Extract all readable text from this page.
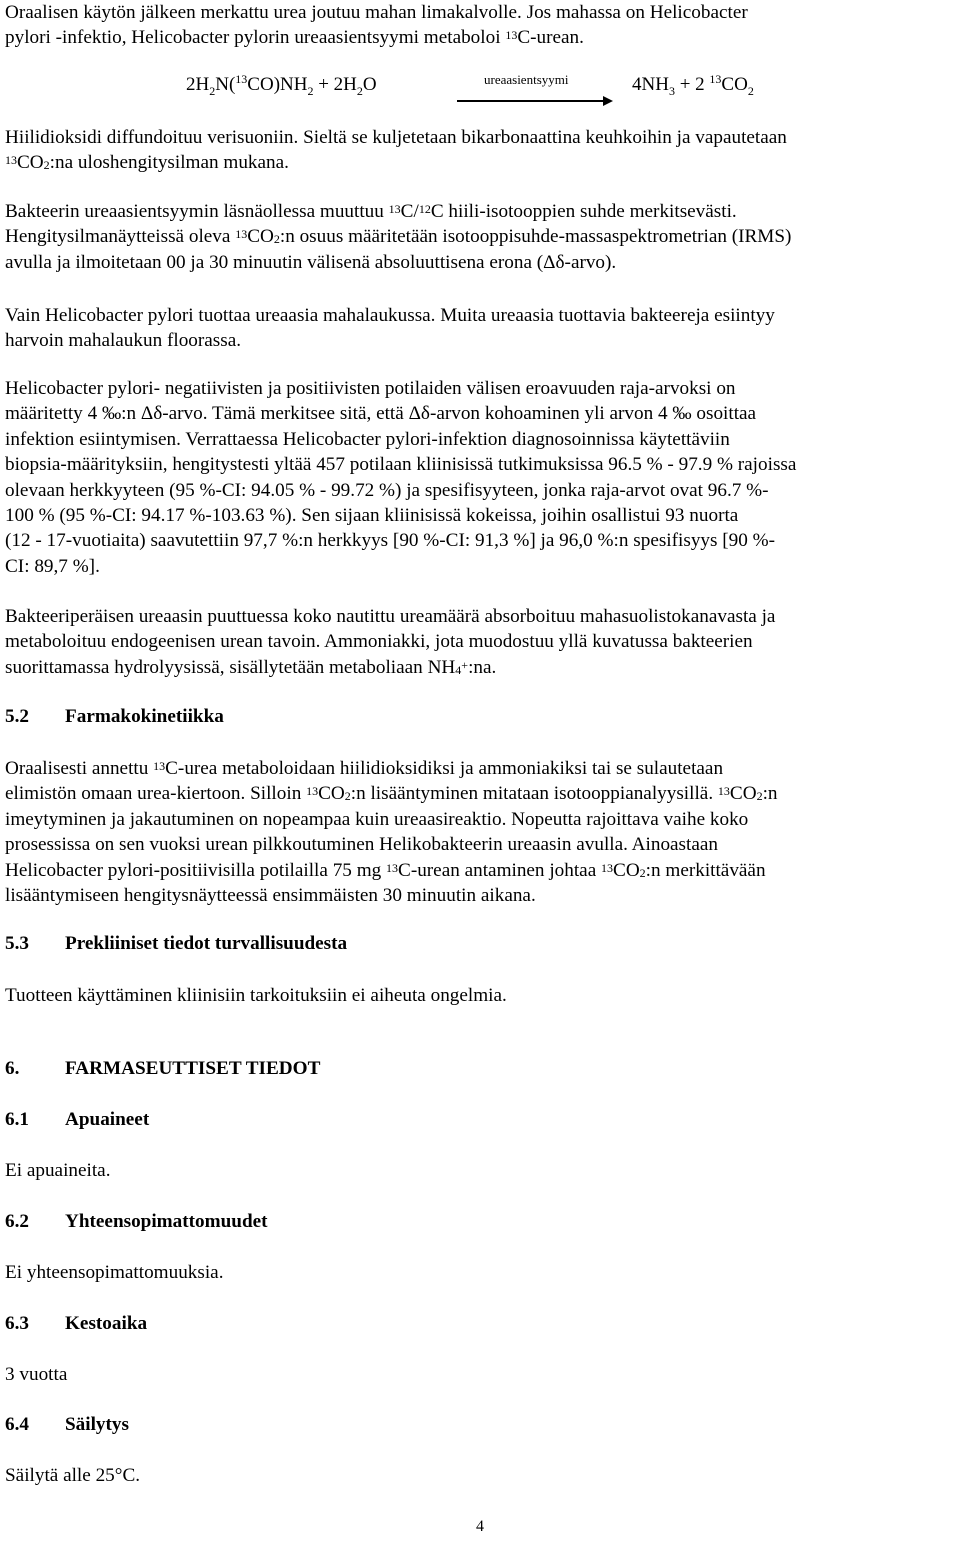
Oraalisen käytön jälkeen merkattu urea joutuu mahan limakalvolle. Jos mahassa on Helicobacter
pylori -infektio, Helicobacter pylorin ureaasientsyymi metaboloi $^{13}$C-urean.
2H2N($^{13}$CO)NH2 + 2H2O	ureaasientsyymi	4NH3 + 2 $^{13}$CO2
Hiilidioksidi diffundoituu verisuoniin. Sieltä se kuljetetaan bikarbonaattina keuhkoihin ja vapautetaan
$^{13}$CO2:na uloshengitysilman mukana.
Bakteerin ureaasientsyymin läsnäollessa muuttuu $^{13}$C/$^{12}$C hiili-isotooppien suhde merkitsevästi.
Hengitysilmanäytteissä oleva $^{13}$CO2:n osuus määritetään isotooppisuhde-massaspektrometrian (IRMS)
avulla ja ilmoitetaan 00 ja 30 minuutin välisenä absoluuttisena erona (Δδ-arvo).
Vain Helicobacter pylori tuottaa ureaasia mahalaukussa. Muita ureaasia tuottavia bakteereja esiintyy
harvoin mahalaukun floorassa.
Helicobacter pylori- negatiivisten ja positiivisten potilaiden välisen eroavuuden raja-arvoksi on
määritetty 4 ‰:n Δδ-arvo. Tämä merkitsee sitä, että Δδ-arvon kohoaminen yli arvon 4 ‰ osoittaa
infektion esiintymisen. Verrattaessa Helicobacter pylori-infektion diagnosoinnissa käytettäviin
biopsia-määrityksiin, hengitystesti yltää 457 potilaan kliinisissä tutkimuksissa 96.5 % - 97.9 % rajoissa
olevaan herkkyyteen (95 %-CI: 94.05 % - 99.72 %) ja spesifisyyteen, jonka raja-arvot ovat 96.7 %-
100 % (95 %-CI: 94.17 %-103.63 %). Sen sijaan kliinisissä kokeissa, joihin osallistui 93 nuorta
(12 - 17-vuotiaita) saavutettiin 97,7 %:n herkkyys [90 %-CI: 91,3 %] ja 96,0 %:n spesifisyys [90 %-
CI: 89,7 %].
Bakteeriperäisen ureaasin puuttuessa koko nautittu ureamäärä absorboituu mahasuolistokanavasta ja
metaboloituu endogeenisen urean tavoin. Ammoniakki, jota muodostuu yllä kuvatussa bakteerien
suorittamassa hydrolyysissä, sisällytetään metaboliaan NH4+:na.
5.2 Farmakokinetiikka
Oraalisesti annettu $^{13}$C-urea metaboloidaan hiilidioksidiksi ja ammoniakiksi tai se sulautetaan
elimistön omaan urea-kiertoon. Silloin $^{13}$CO2:n lisääntyminen mitataan isotooppianalyysillä. $^{13}$CO2:n
imeytyminen ja jakautuminen on nopeampaa kuin ureaasireaktio. Nopeutta rajoittava vaihe koko
prosessissa on sen vuoksi urean pilkkoutuminen Helikobakteerin ureaasin avulla. Ainoastaan
Helicobacter pylori-positiivisilla potilailla 75 mg $^{13}$C-urean antaminen johtaa $^{13}$CO2:n merkittävään
lisääntymiseen hengitysnäytteessä ensimmäisten 30 minuutin aikana.
5.3 Prekliiniset tiedot turvallisuudesta
Tuotteen käyttäminen kliinisiin tarkoituksiin ei aiheuta ongelmia.
6. FARMASEUTTISET TIEDOT
6.1 Apuaineet
Ei apuaineita.
6.2 Yhteensopimattomuudet
Ei yhteensopimattomuuksia.
6.3 Kestoaika
3 vuotta
6.4 Säilytys
Säilytä alle 25°C.
4
